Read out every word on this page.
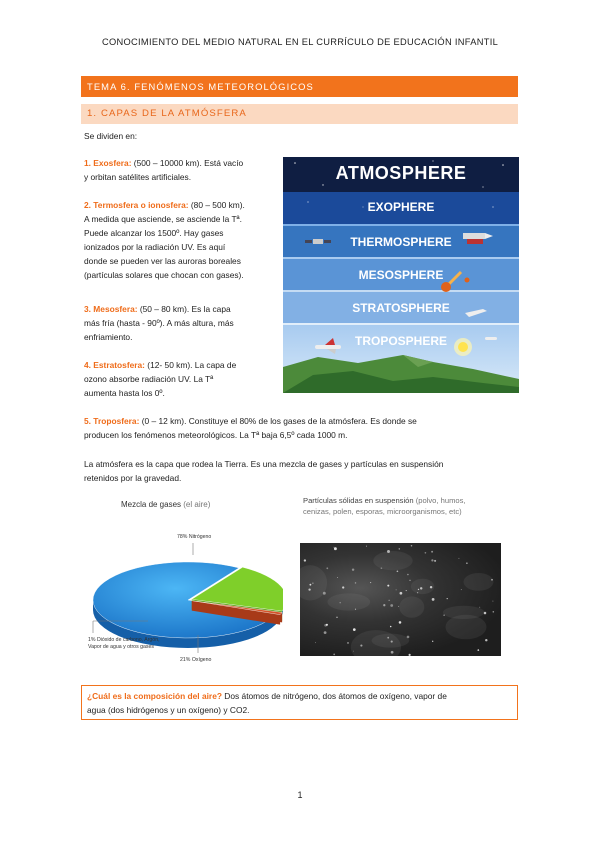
CONOCIMIENTO DEL MEDIO NATURAL EN EL CURRÍCULO DE EDUCACIÓN INFANTIL
TEMA 6. FENÓMENOS METEOROLÓGICOS
1. CAPAS DE LA ATMÓSFERA
Se dividen en:
1. Exosfera: (500 – 10000 km). Está vacío
y orbitan satélites artificiales.
2. Termosfera o ionosfera: (80 – 500 km).
A medida que asciende, se asciende la Tª.
Puede alcanzar los 1500º. Hay gases
ionizados por la radiación UV. Es aquí
donde se pueden ver las auroras boreales
(partículas solares que chocan con gases).
3. Mesosfera: (50 – 80 km). Es la capa
más fría (hasta - 90º). A más altura, más
enfriamiento.
4. Estratosfera: (12- 50 km). La capa de
ozono absorbe radiación UV. La Tª
aumenta hasta los 0º.
5. Troposfera: (0 – 12 km). Constituye el 80% de los gases de la atmósfera. Es donde se
producen los fenómenos meteorológicos. La Tª baja 6,5º cada 1000 m.
ATMOSPHERE
EXOPHERE
THERMOSPHERE
MESOSPHERE
STRATOSPHERE
TROPOSPHERE
La atmósfera es la capa que rodea la Tierra. Es una mezcla de gases y partículas en suspensión
retenidos por la gravedad.
Mezcla de gases (el aire)
78% Nitrógeno
1% Dióxido de carbono, Argón,
Vapor de agua y otros gases
21% Oxígeno
Partículas sólidas en suspensión (polvo, humos,
cenizas, polen, esporas, microorganismos, etc)
¿Cuál es la composición del aire? Dos átomos de nitrógeno, dos átomos de oxígeno, vapor de
agua (dos hidrógenos y un oxígeno) y CO2.
1
